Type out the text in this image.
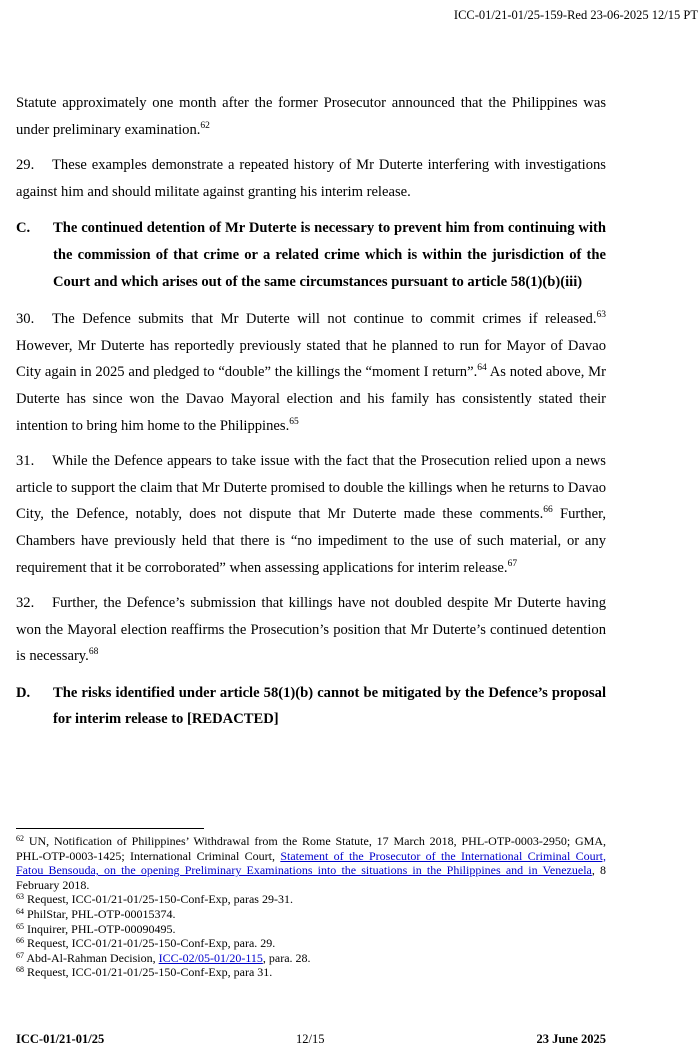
ICC-01/21-01/25-159-Red 23-06-2025 12/15 PT

Statute approximately one month after the former Prosecutor announced that the Philippines was under preliminary examination.$^{62}$

29. These examples demonstrate a repeated history of Mr Duterte interfering with investigations against him and should militate against granting his interim release.

C.	The continued detention of Mr Duterte is necessary to prevent him from continuing with the commission of that crime or a related crime which is within the jurisdiction of the Court and which arises out of the same circumstances pursuant to article 58(1)(b)(iii)

30. The Defence submits that Mr Duterte will not continue to commit crimes if released.$^{63}$ However, Mr Duterte has reportedly previously stated that he planned to run for Mayor of Davao City again in 2025 and pledged to “double” the killings the “moment I return”.$^{64}$ As noted above, Mr Duterte has since won the Davao Mayoral election and his family has consistently stated their intention to bring him home to the Philippines.$^{65}$

31. While the Defence appears to take issue with the fact that the Prosecution relied upon a news article to support the claim that Mr Duterte promised to double the killings when he returns to Davao City, the Defence, notably, does not dispute that Mr Duterte made these comments.$^{66}$ Further, Chambers have previously held that there is “no impediment to the use of such material, or any requirement that it be corroborated” when assessing applications for interim release.$^{67}$

32. Further, the Defence’s submission that killings have not doubled despite Mr Duterte having won the Mayoral election reaffirms the Prosecution’s position that Mr Duterte’s continued detention is necessary.$^{68}$

D.	The risks identified under article 58(1)(b) cannot be mitigated by the Defence’s proposal for interim release to [REDACTED]

$^{62}$ UN, Notification of Philippines’ Withdrawal from the Rome Statute, 17 March 2018, PHL-OTP-0003-2950; GMA, PHL-OTP-0003-1425; International Criminal Court, Statement of the Prosecutor of the International Criminal Court, Fatou Bensouda, on the opening Preliminary Examinations into the situations in the Philippines and in Venezuela, 8 February 2018.

$^{63}$ Request, ICC-01/21-01/25-150-Conf-Exp, paras 29-31.

$^{64}$ PhilStar, PHL-OTP-00015374.

$^{65}$ Inquirer, PHL-OTP-00090495.

$^{66}$ Request, ICC-01/21-01/25-150-Conf-Exp, para. 29.

$^{67}$ Abd-Al-Rahman Decision, ICC-02/05-01/20-115, para. 28.

$^{68}$ Request, ICC-01/21-01/25-150-Conf-Exp, para 31.

ICC-01/21-01/25	12/15	23 June 2025
